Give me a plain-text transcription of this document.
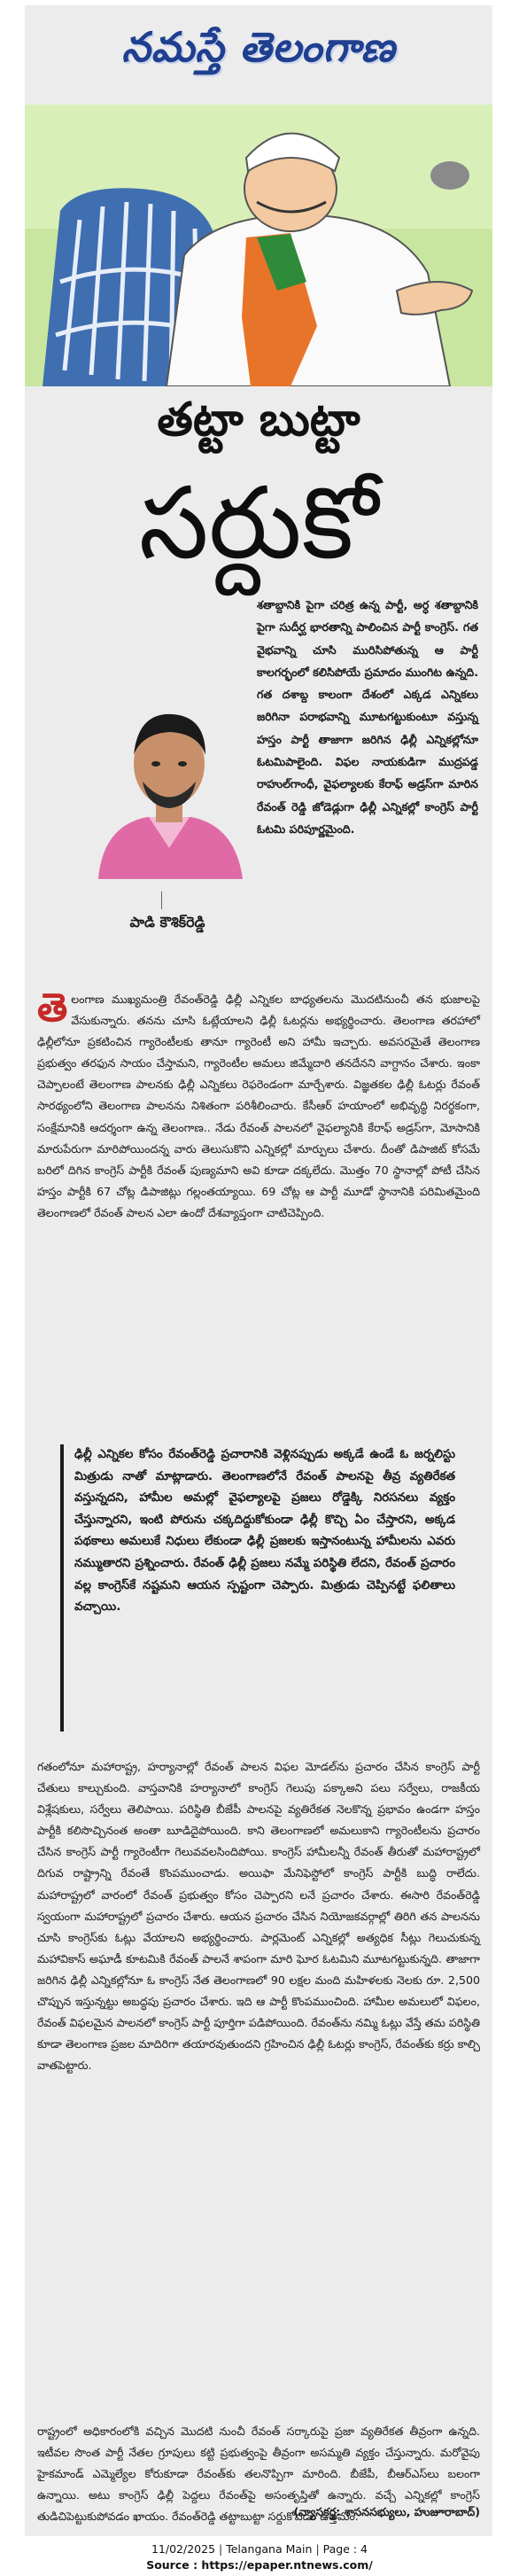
నమస్తే తెలంగాణ
తట్టా బుట్టా
సర్దుకో
శతాబ్దానికి పైగా చరిత్ర ఉన్న పార్టీ, అర్ధ శతాబ్దానికి పైగా సుదీర్ఘ భారతాన్ని పాలించిన పార్టీ కాంగ్రెస్. గత వైభవాన్ని చూసి మురిసిపోతున్న ఆ పార్టీ కాలగర్భంలో కలిసిపోయే ప్రమాదం ముంగిట ఉన్నది. గత దశాబ్ద కాలంగా దేశంలో ఎక్కడ ఎన్నికలు జరిగినా పరాభవాన్ని మూటగట్టుకుంటూ వస్తున్న హస్తం పార్టీ తాజాగా జరిగిన ఢిల్లీ ఎన్నికల్లోనూ ఓటమిపాలైంది. విఫల నాయకుడిగా ముద్రపడ్డ రాహుల్‌గాంధీ, వైఫల్యాలకు కేరాఫ్ అడ్రస్‌గా మారిన రేవంత్ రెడ్డి జోడెడ్లుగా ఢిల్లీ ఎన్నికల్లో కాంగ్రెస్ పార్టీ ఓటమి పరిపూర్ణమైంది.
పాడి కౌశిక్‌రెడ్డి
తెలంగాణ ముఖ్యమంత్రి రేవంత్‌రెడ్డి ఢిల్లీ ఎన్నికల బాధ్యతలను మొదటినుంచీ తన భుజాలపై వేసుకున్నారు. తనను చూసి ఓట్లేయాలని ఢిల్లీ ఓటర్లను అభ్యర్థించారు. తెలంగాణ తరహాలో ఢిల్లీలోనూ ప్రకటించిన గ్యారెంటీలకు తానూ గ్యారెంటీ అని హామీ ఇచ్చారు. అవసరమైతే తెలంగాణ ప్రభుత్వం తరఫున సాయం చేస్తామని, గ్యారెంటీల అమలు జిమ్మేదారి తనదేనని వాగ్దానం చేశారు. ఇంకా చెప్పాలంటే తెలంగాణ పాలనకు ఢిల్లీ ఎన్నికలు రెఫరెండంగా మార్చేశారు. విజ్ఞతకల ఢిల్లీ ఓటర్లు రేవంత్ సారథ్యంలోని తెలంగాణ పాలనను నిశితంగా పరిశీలించారు. కేసీఆర్ హయాంలో అభివృద్ధి నిరర్థకంగా, సంక్షేమానికి ఆదర్శంగా ఉన్న తెలంగాణ.. నేడు రేవంత్ పాలనలో వైఫల్యానికి కేరాఫ్ అడ్రస్‌గా, మోసానికి మారుపేరుగా మారిపోయిందన్న వారు తెలుసుకొని ఎన్నికల్లో మార్పులు చేశారు. దీంతో డిపాజిట్ కోసమే బరిలో దిగిన కాంగ్రెస్ పార్టీకి రేవంత్ పుణ్యమాని అవి కూడా దక్కలేదు. మొత్తం 70 స్థానాల్లో పోటీ చేసిన హస్తం పార్టీకి 67 చోట్ల డిపాజిట్లు గల్లంతయ్యాయి. 69 చోట్ల ఆ పార్టీ మూడో స్థానానికి పరిమితమైంది తెలంగాణలో రేవంత్ పాలన ఎలా ఉందో దేశవ్యాప్తంగా చాటిచెప్పింది.
ఢిల్లీ ఎన్నికల కోసం రేవంత్‌రెడ్డి ప్రచారానికి వెళ్లినప్పుడు అక్కడే ఉండే ఓ జర్నలిస్టు మిత్రుడు నాతో మాట్లాడారు. తెలంగాణలోనే రేవంత్ పాలనపై తీవ్ర వ్యతిరేకత వస్తున్నదని, హామీల అమల్లో వైఫల్యాలపై ప్రజలు రోడ్డెక్కి నిరసనలు వ్యక్తం చేస్తున్నారని, ఇంటి పోరును చక్కదిద్దుకోకుండా ఢిల్లీ కొచ్చి ఏం చేస్తారని, అక్కడ పథకాలు అమలుకే నిధులు లేకుండా ఢిల్లీ ప్రజలకు ఇస్తానంటున్న హామీలను ఎవరు నమ్ముతారని ప్రశ్నించారు. రేవంత్ ఢిల్లీ ప్రజలు నమ్మే పరిస్థితి లేదని, రేవంత్ ప్రచారం వల్ల కాంగ్రెస్‌కే నష్టమని ఆయన స్పష్టంగా చెప్పారు. మిత్రుడు చెప్పినట్టే ఫలితాలు వచ్చాయి.
గతంలోనూ మహారాష్ట్ర, హర్యానాల్లో రేవంత్ పాలన విఫల మోడల్‌ను ప్రచారం చేసిన కాంగ్రెస్ పార్టీ చేతులు కాల్చుకుంది. వాస్తవానికి హర్యానాలో కాంగ్రెస్ గెలుపు పక్కాఅని పలు సర్వేలు, రాజకీయ విశ్లేషకులు, సర్వేలు తెలిపాయి. పరిస్థితి బీజేపీ పాలనపై వ్యతిరేకత నెలకొన్న ప్రభావం ఉండగా హస్తం పార్టీకి కలిసొచ్చినంత అంతా బూడిదైపోయింది. కాని తెలంగాణలో అమలుకాని గ్యారెంటీలను ప్రచారం చేసిన కాంగ్రెస్ పార్టీ గ్యారెంటీగా గెలువవలసిందిపోయి. కాంగ్రెస్ హామీలన్నీ రేవంత్ తీరుతో మహారాష్ట్రలో దిగువ రాష్ట్రాన్ని రేవంతే కొంపముంచాడు. అయిఫా మేనిఫెస్టోలో కాంగ్రెస్ పార్టీకి బుద్ధి రాలేదు. మహారాష్ట్రలో వారంలో రేవంత్ ప్రభుత్వం కోసం చెప్పారని లనే ప్రచారం చేశారు. ఈసారి రేవంత్‌రెడ్డి స్వయంగా మహారాష్ట్రలో ప్రచారం చేశారు. ఆయన ప్రచారం చేసిన నియోజకవర్గాల్లో తిరిగి తన పాలనను చూసి కాంగ్రెస్‌కు ఓట్లు వేయాలని అభ్యర్థించారు. పార్లమెంట్ ఎన్నికల్లో అత్యధిక సీట్లు గెలుచుకున్న మహావికాస్ అఘాడీ కూటమికి రేవంత్ పాలనే శాపంగా మారి ఘోర ఓటమిని మూటగట్టుకున్నది. తాజాగా జరిగిన ఢిల్లీ ఎన్నికల్లోనూ ఓ కాంగ్రెస్ నేత తెలంగాణలో 90 లక్షల మంది మహిళలకు నెలకు రూ. 2,500 చొప్పున ఇస్తున్నట్టు అబద్ధపు ప్రచారం చేశారు. ఇది ఆ పార్టీ కొంపముంచింది. హామీల అమలులో విఫలం, రేవంత్ విఫలమైన పాలనలో కాంగ్రెస్ పార్టీ పూర్తిగా పడిపోయింది. రేవంత్‌ను నమ్మి ఓట్లు వేస్తే తమ పరిస్థితి కూడా తెలంగాణ ప్రజల మాదిరిగా తయారవుతుందని గ్రహించిన ఢిల్లీ ఓటర్లు కాంగ్రెస్, రేవంత్‌కు కర్రు కాల్చి వాతపెట్టారు.
రాష్ట్రంలో అధికారంలోకి వచ్చిన మొదటి నుంచీ రేవంత్ సర్కారుపై ప్రజా వ్యతిరేకత తీవ్రంగా ఉన్నది. ఇటీవల సొంత పార్టీ నేతల గ్రూపులు కట్టి ప్రభుత్వంపై తీవ్రంగా అసమ్మతి వ్యక్తం చేస్తున్నారు. మరోవైపు హైకమాండ్ ఎమ్మెల్యేల కోరుకూడా రేవంత్‌కు తలనొప్పిగా మారింది. బీజేపీ, బీఆర్ఎస్‌లు బలంగా ఉన్నాయి. అటు కాంగ్రెస్ ఢిల్లీ పెద్దలు రేవంత్‌పై అసంతృప్తితో ఉన్నారు. వచ్చే ఎన్నికల్లో కాంగ్రెస్ తుడిచిపెట్టుకుపోవడం ఖాయం. రేవంత్‌రెడ్డి తట్టాబుట్టా సర్దుకోవడం ఉత్తమం.
(వ్యాసకర్త: శాసనసభ్యులు, హుజూరాబాద్)
11/02/2025 | Telangana Main | Page : 4
Source : https://epaper.ntnews.com/
